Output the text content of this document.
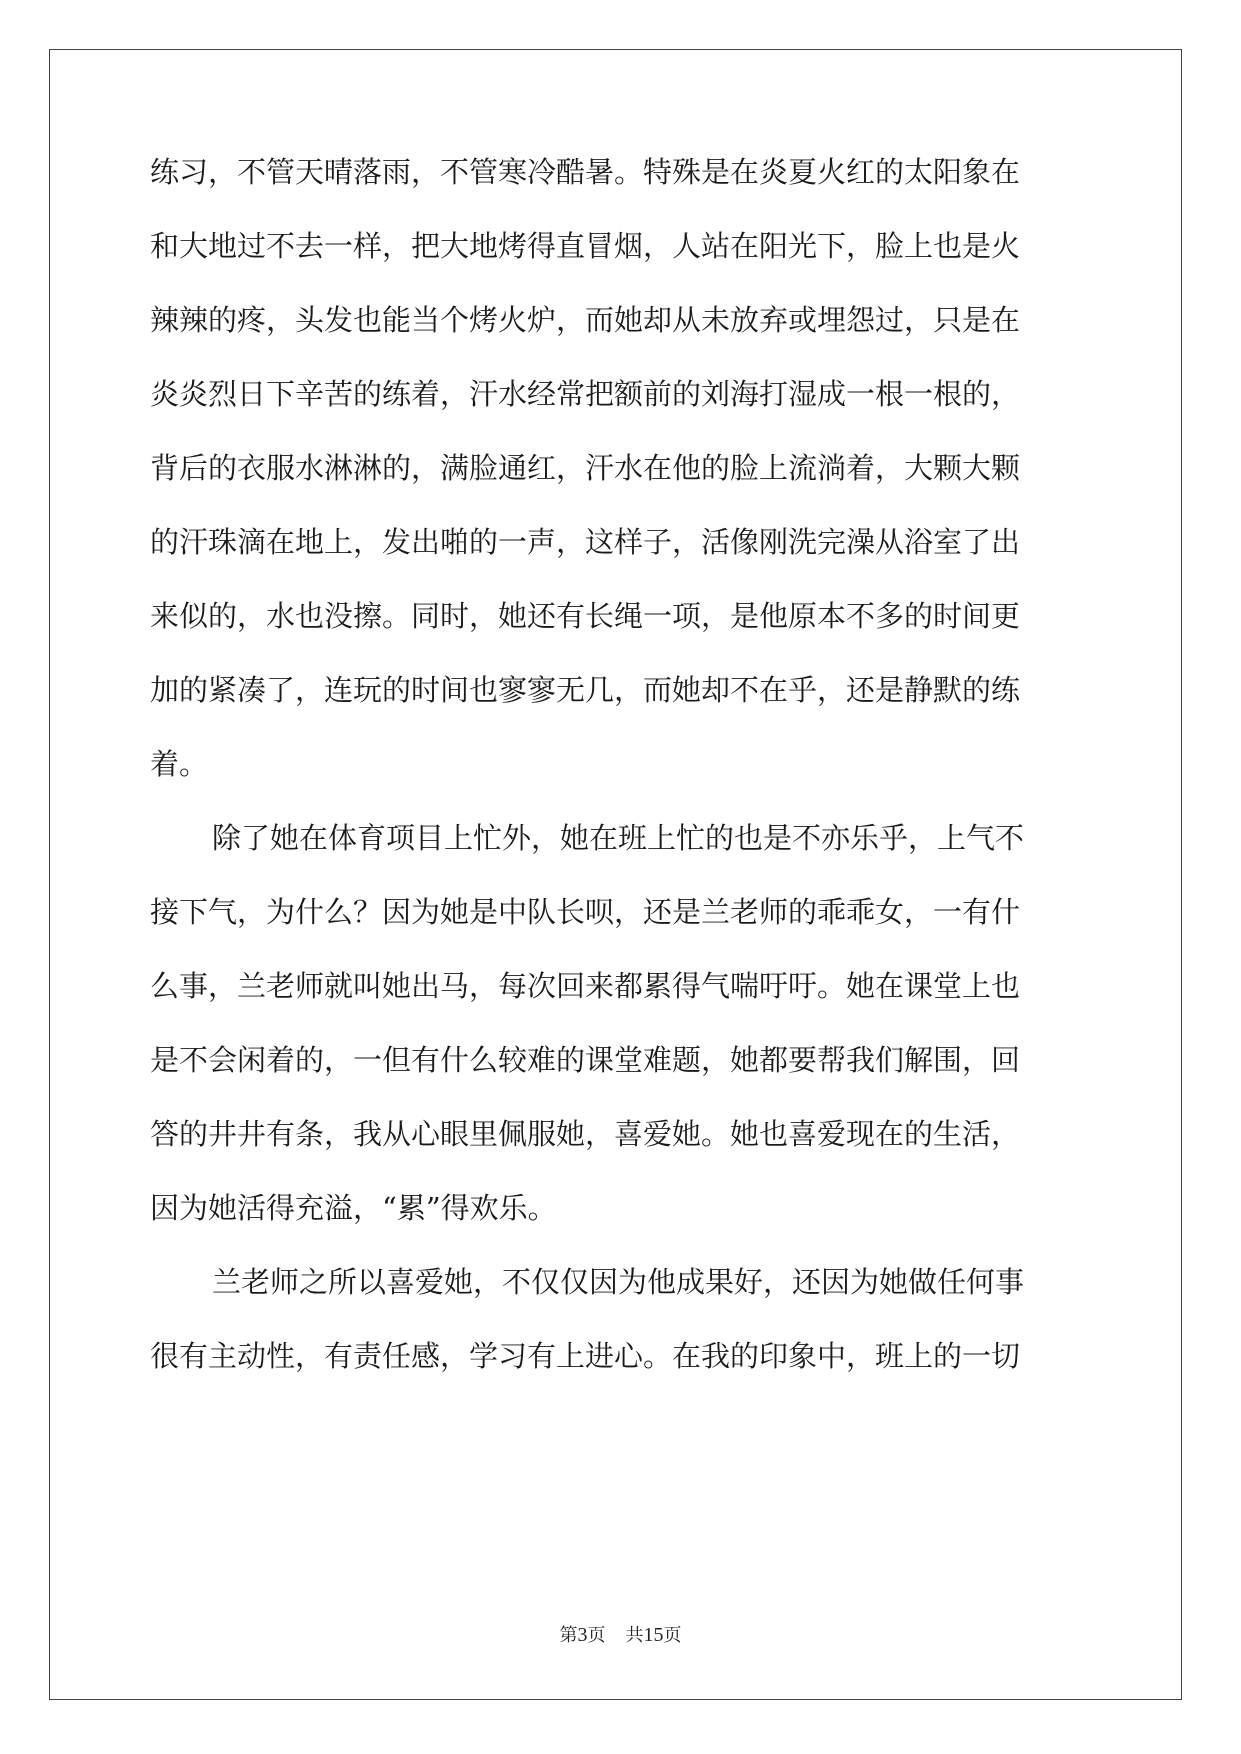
练习，不管天晴落雨，不管寒冷酷暑。特殊是在炎夏火红的太阳象在
和大地过不去一样，把大地烤得直冒烟，人站在阳光下，脸上也是火
辣辣的疼，头发也能当个烤火炉，而她却从未放弃或埋怨过，只是在
炎炎烈日下辛苦的练着，汗水经常把额前的刘海打湿成一根一根的，
背后的衣服水淋淋的，满脸通红，汗水在他的脸上流淌着，大颗大颗
的汗珠滴在地上，发出啪的一声，这样子，活像刚洗完澡从浴室了出
来似的，水也没擦。同时，她还有长绳一项，是他原本不多的时间更
加的紧凑了，连玩的时间也寥寥无几，而她却不在乎，还是静默的练
着。
除了她在体育项目上忙外，她在班上忙的也是不亦乐乎，上气不
接下气，为什么？因为她是中队长呗，还是兰老师的乖乖女，一有什
么事，兰老师就叫她出马，每次回来都累得气喘吁吁。她在课堂上也
是不会闲着的，一但有什么较难的课堂难题，她都要帮我们解围，回
答的井井有条，我从心眼里佩服她，喜爱她。她也喜爱现在的生活，
因为她活得充溢，“累”得欢乐。
兰老师之所以喜爱她，不仅仅因为他成果好，还因为她做任何事
很有主动性，有责任感，学习有上进心。在我的印象中，班上的一切
第3页 共15页
